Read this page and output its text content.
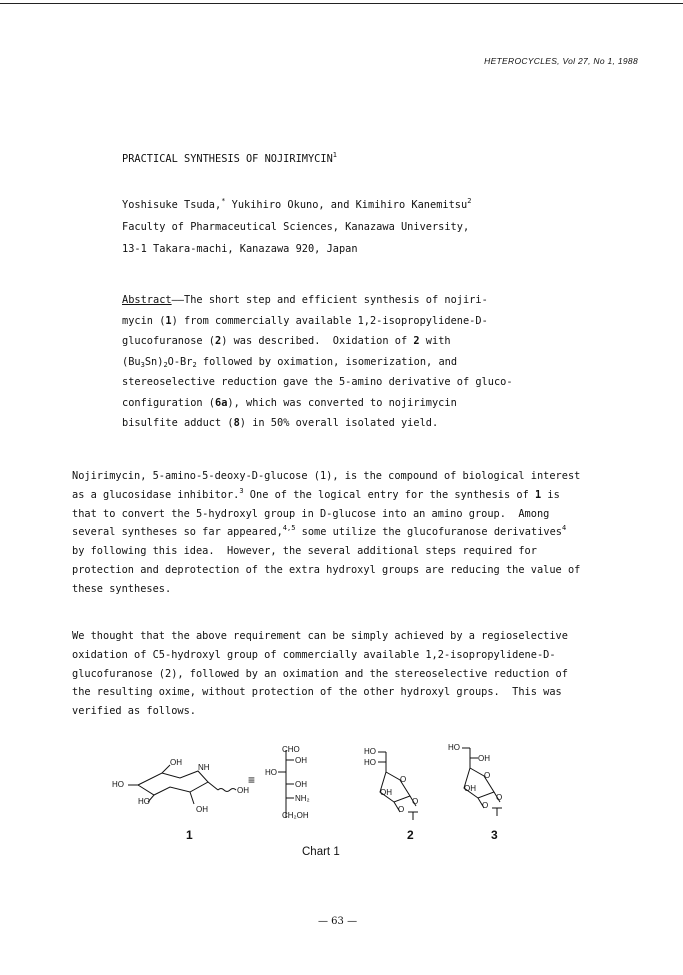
HETEROCYCLES, Vol 27, No 1, 1988
PRACTICAL SYNTHESIS OF NOJIRIMYCIN$^1$
Yoshisuke Tsuda,* Yukihiro Okuno, and Kimihiro Kanemitsu$^2$
Faculty of Pharmaceutical Sciences, Kanazawa University,
13-1 Takara-machi, Kanazawa 920, Japan
Abstract——The short step and efficient synthesis of nojiri-
mycin (1) from commercially available 1,2-isopropylidene-D-
glucofuranose (2) was described.  Oxidation of 2 with
$(Bu_3Sn)_2O-Br_2$ followed by oximation, isomerization, and
stereoselective reduction gave the 5-amino derivative of gluco-
configuration (6a), which was converted to nojirimycin
bisulfite adduct (8) in 50% overall isolated yield.
Nojirimycin, 5-amino-5-deoxy-D-glucose (1), is the compound of biological interest
as a glucosidase inhibitor.$^3$ One of the logical entry for the synthesis of 1 is
that to convert the 5-hydroxyl group in D-glucose into an amino group.  Among
several syntheses so far appeared,$^{4,5}$ some utilize the glucofuranose derivatives$^4$
by following this idea.  However, the several additional steps required for
protection and deprotection of the extra hydroxyl groups are reducing the value of
these syntheses.
We thought that the above requirement can be simply achieved by a regioselective
oxidation of C5-hydroxyl group of commercially available 1,2-isopropylidene-D-
glucofuranose (2), followed by an oximation and the stereoselective reduction of
the resulting oxime, without protection of the other hydroxyl groups.  This was
verified as follows.
OH
HO
NH
HO
OH
OH
≡
CHO
OH
HO
OH
NH₂
CH₂OH
HO
HO
O
OH
O
O
HO
OH
O
OH
O
O
1	2	3
Chart 1
— 63 —
